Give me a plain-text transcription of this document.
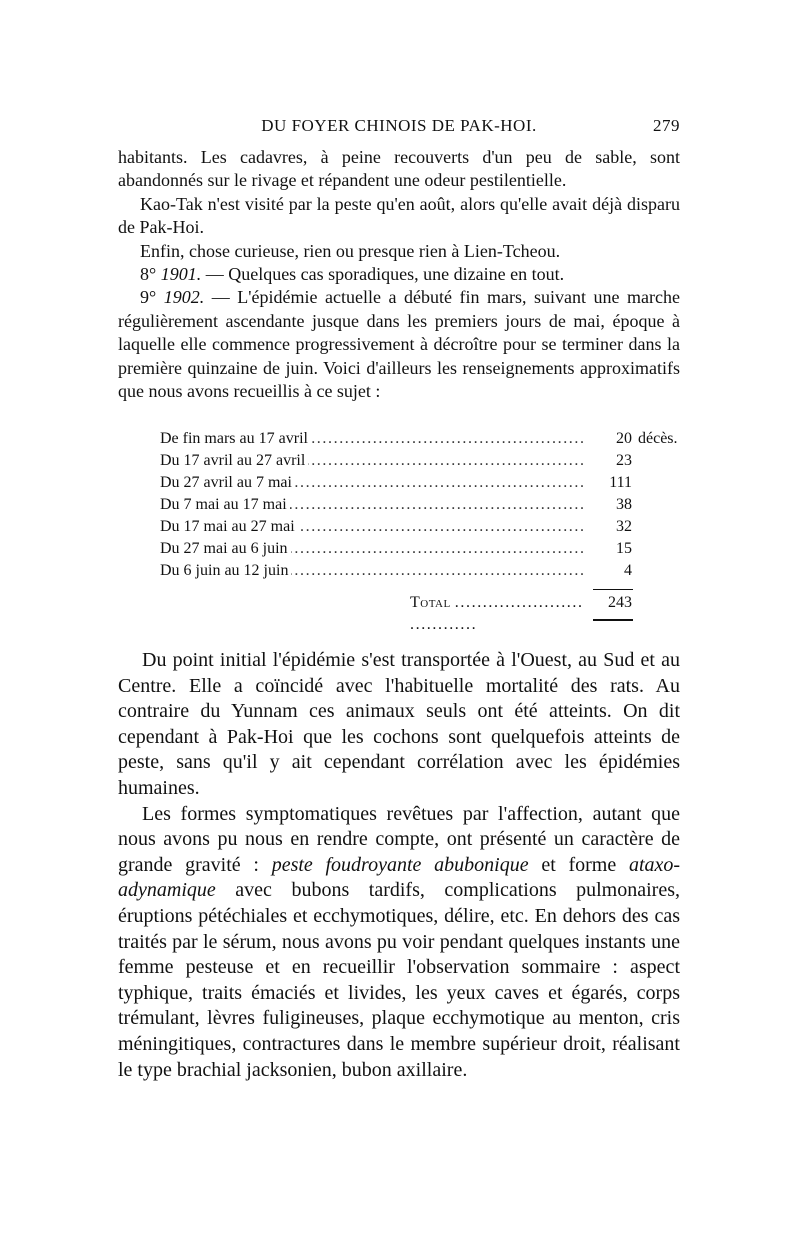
DU FOYER CHINOIS DE PAK-HOI.	279

habitants. Les cadavres, à peine recouverts d'un peu de sable, sont abandonnés sur le rivage et répandent une odeur pestilentielle.

Kao-Tak n'est visité par la peste qu'en août, alors qu'elle avait déjà disparu de Pak-Hoi.

Enfin, chose curieuse, rien ou presque rien à Lien-Tcheou.

8° 1901. — Quelques cas sporadiques, une dizaine en tout.

9° 1902. — L'épidémie actuelle a débuté fin mars, suivant une marche régulièrement ascendante jusque dans les premiers jours de mai, époque à laquelle elle commence progressivement à décroître pour se terminer dans la première quinzaine de juin. Voici d'ailleurs les renseignements approximatifs que nous avons recueillis à ce sujet :

. . .
De fin mars au 17 avril	20 décès.
. . .
Du 17 avril au 27 avril	23
. . .
Du 27 avril au 7 mai	111
. . .
Du 7 mai au 17 mai	38
. . .
Du 17 mai au 27 mai	32
. . .
Du 27 mai au 6 juin	15
. . .
Du 6 juin au 12 juin	4
. . .
Total	243

Du point initial l'épidémie s'est transportée à l'Ouest, au Sud et au Centre. Elle a coïncidé avec l'habituelle mortalité des rats. Au contraire du Yunnam ces animaux seuls ont été atteints. On dit cependant à Pak-Hoi que les cochons sont quelquefois atteints de peste, sans qu'il y ait cependant corrélation avec les épidémies humaines.

Les formes symptomatiques revêtues par l'affection, autant que nous avons pu nous en rendre compte, ont présenté un caractère de grande gravité : peste foudroyante abubonique et forme ataxo-adynamique avec bubons tardifs, complications pulmonaires, éruptions pétéchiales et ecchymotiques, délire, etc. En dehors des cas traités par le sérum, nous avons pu voir pendant quelques instants une femme pesteuse et en recueillir l'observation sommaire : aspect typhique, traits émaciés et livides, les yeux caves et égarés, corps trémulant, lèvres fuligineuses, plaque ecchymotique au menton, cris méningitiques, contractures dans le membre supérieur droit, réalisant le type brachial jacksonien, bubon axillaire.
